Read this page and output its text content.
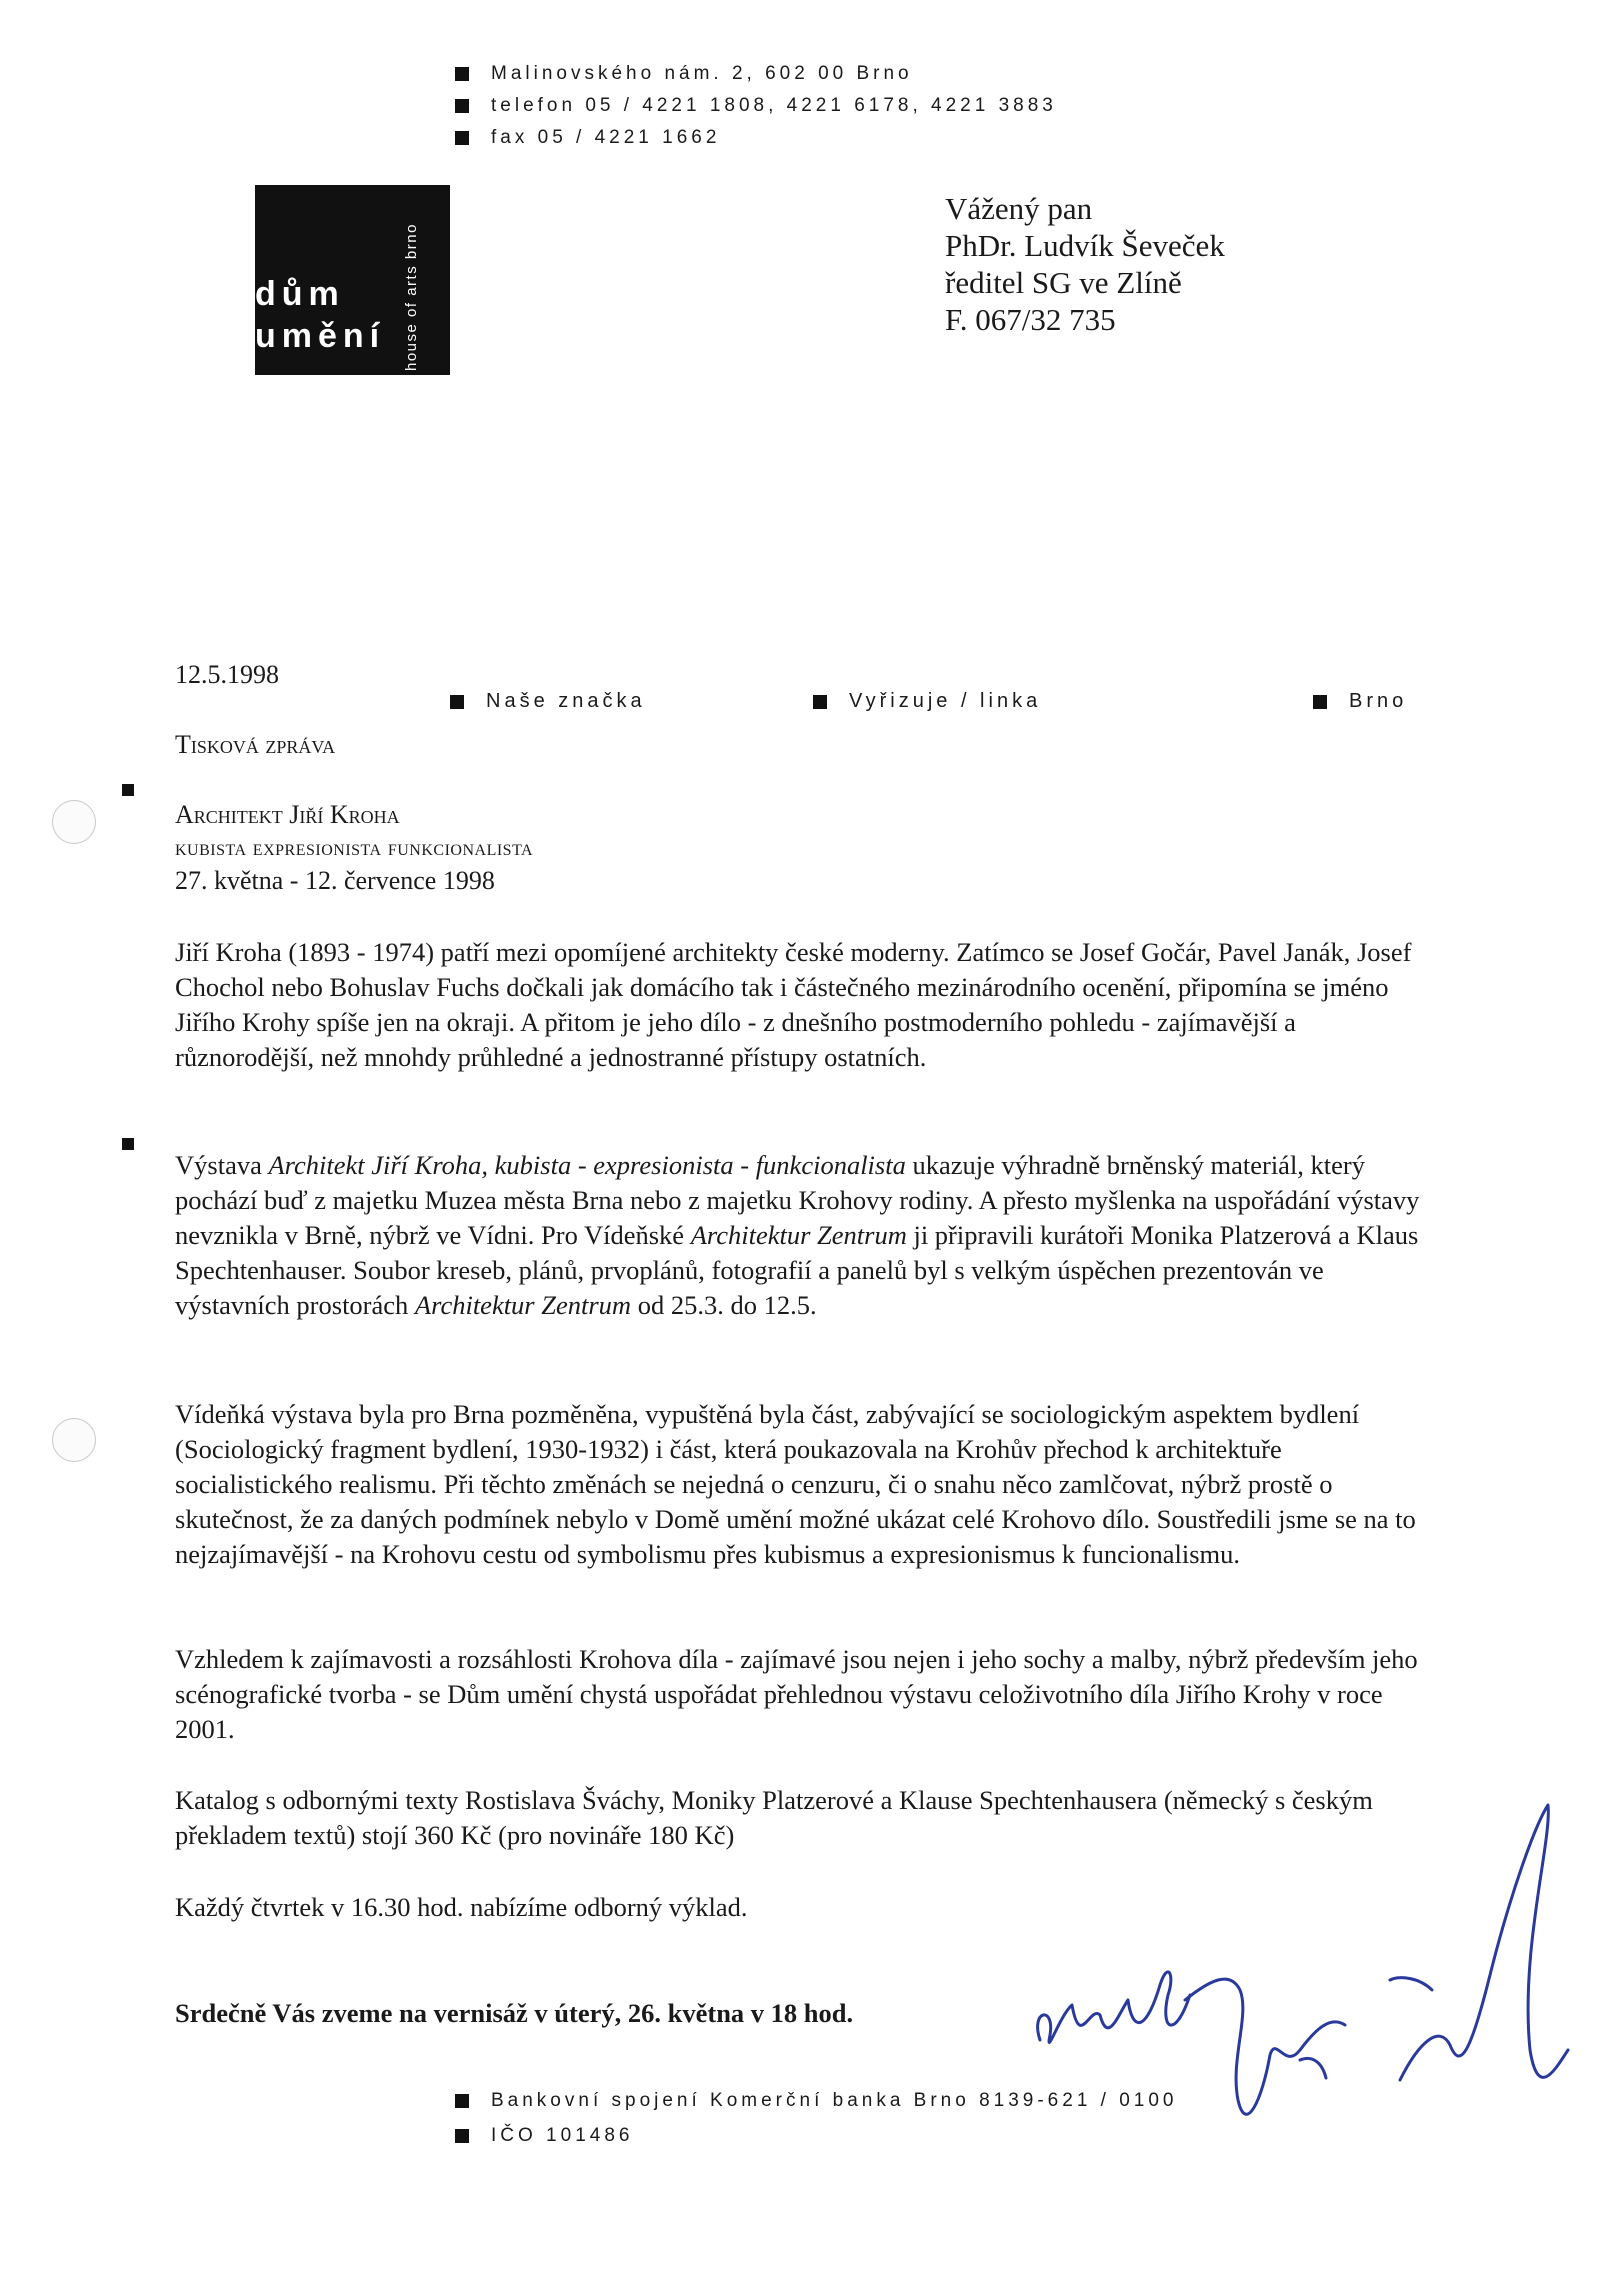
Malinovského nám. 2, 602 00 Brno
telefon 05 / 4221 1808, 4221 6178, 4221 3883
fax 05 / 4221 1662
dům
umění house of arts brno
Vážený pan
PhDr. Ludvík Ševeček
ředitel SG ve Zlíně
F. 067/32 735
12.5.1998
Naše značka	Vyřizuje / linka	Brno
Tisková zpráva
Architekt Jiří Kroha
kubista expresionista funkcionalista
27. května - 12. července 1998
Jiří Kroha (1893 - 1974) patří mezi opomíjené architekty české moderny. Zatímco se Josef Gočár, Pavel Janák, Josef Chochol nebo Bohuslav Fuchs dočkali jak domácího tak i částečného mezinárodního ocenění, připomína se jméno Jiřího Krohy spíše jen na okraji. A přitom je jeho dílo - z dnešního postmoderního pohledu - zajímavější a různorodější, než mnohdy průhledné a jednostranné přístupy ostatních.
Výstava Architekt Jiří Kroha, kubista - expresionista - funkcionalista ukazuje výhradně brněnský materiál, který pochází buď z majetku Muzea města Brna nebo z majetku Krohovy rodiny. A přesto myšlenka na uspořádání výstavy nevznikla v Brně, nýbrž ve Vídni. Pro Vídeňské Architektur Zentrum ji připravili kurátoři Monika Platzerová a Klaus Spechtenhauser. Soubor kreseb, plánů, prvoplánů, fotografií a panelů byl s velkým úspěchen prezentován ve výstavních prostorách Architektur Zentrum od 25.3. do 12.5.
Vídeňká výstava byla pro Brna pozměněna, vypuštěná byla část, zabývající se sociologickým aspektem bydlení (Sociologický fragment bydlení, 1930-1932) i část, která poukazovala na Krohův přechod k architektuře socialistického realismu. Při těchto změnách se nejedná o cenzuru, či o snahu něco zamlčovat, nýbrž prostě o skutečnost, že za daných podmínek nebylo v Domě umění možné ukázat celé Krohovo dílo. Soustředili jsme se na to nejzajímavější - na Krohovu cestu od symbolismu přes kubismus a expresionismus k funcionalismu.
Vzhledem k zajímavosti a rozsáhlosti Krohova díla - zajímavé jsou nejen i jeho sochy a malby, nýbrž především jeho scénografické tvorba - se Dům umění chystá uspořádat přehlednou výstavu celoživotního díla Jiřího Krohy v roce 2001.
Katalog s odbornými texty Rostislava Šváchy, Moniky Platzerové a Klause Spechtenhausera (německý s českým překladem textů) stojí 360 Kč (pro novináře 180 Kč)
Každý čtvrtek v 16.30 hod. nabízíme odborný výklad.
Srdečně Vás zveme na vernisáž v úterý, 26. května v 18 hod.
Bankovní spojení Komerční banka Brno 8139-621 / 0100
IČO 101486
